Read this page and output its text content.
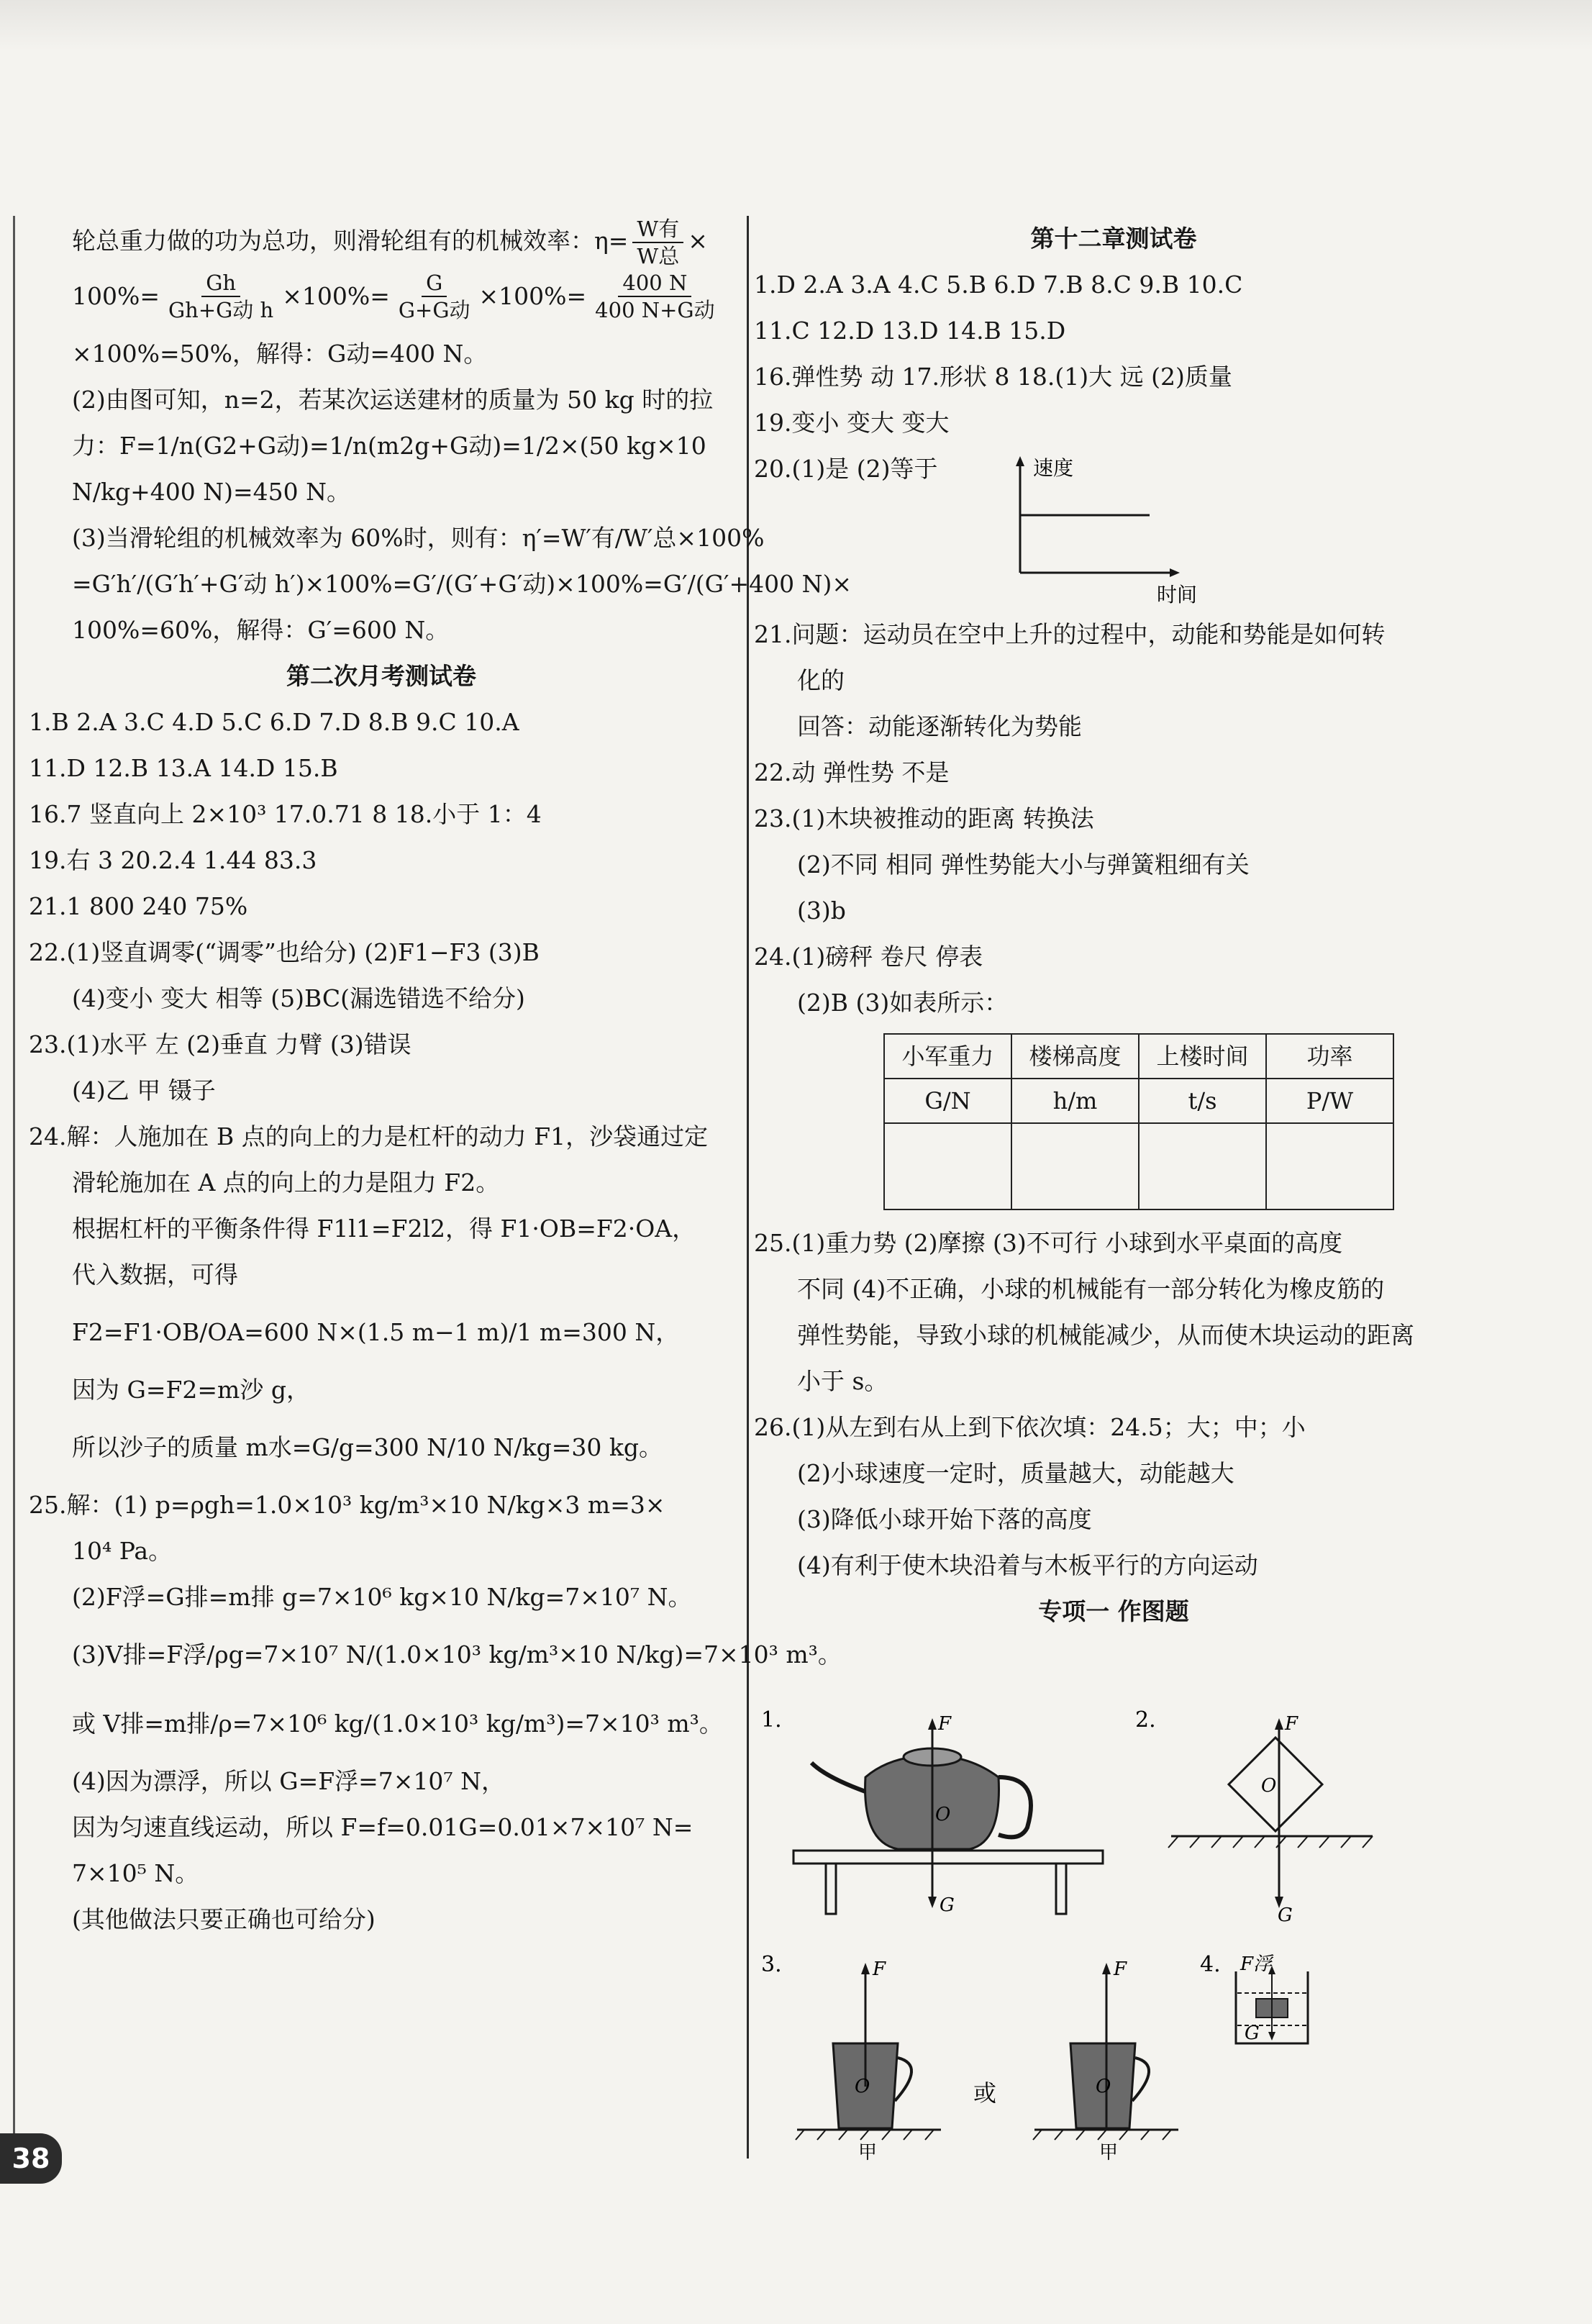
轮总重力做的功为总功，则滑轮组有的机械效率：$\eta= \frac{\text{W有}}{\text{W总}}$ ×
$100\%= \frac{Gh}{\text{Gh+G动 h}} \times 100\%= \frac{G}{\text{G+G动}} \times 100\%= \frac{400 N}{\text{400 N+G动}}$
×100%=50%，解得：G动=400 N。
(2)由图可知，n=2，若某次运送建材的质量为 50 kg 时的拉
力：F=1/n(G2+G动)=1/n(m2g+G动)=1/2×(50 kg×10
N/kg+400 N)=450 N。
(3)当滑轮组的机械效率为 60%时，则有：η′=W′有/W′总×100%
=G′h′/(G′h′+G′动 h′)×100%=G′/(G′+G′动)×100%=G′/(G′+400 N)×
100%=60%，解得：G′=600 N。
第二次月考测试卷
1.B 2.A 3.C 4.D 5.C 6.D 7.D 8.B 9.C 10.A
11.D 12.B 13.A 14.D 15.B
16.7 竖直向上 2×10³ 17.0.71 8 18.小于 1：4
19.右 3 20.2.4 1.44 83.3
21.1 800 240 75%
22.(1)竖直调零(“调零”也给分) (2)F1−F3 (3)B
(4)变小 变大 相等 (5)BC(漏选错选不给分)
23.(1)水平 左 (2)垂直 力臂 (3)错误
(4)乙 甲 镊子
24.解：人施加在 B 点的向上的力是杠杆的动力 F1，沙袋通过定
滑轮施加在 A 点的向上的力是阻力 F2。
根据杠杆的平衡条件得 F1l1=F2l2，得 F1·OB=F2·OA，
代入数据，可得
F2=F1·OB/OA=600 N×(1.5 m−1 m)/1 m=300 N，
因为 G=F2=m沙 g，
所以沙子的质量 m水=G/g=300 N/10 N/kg=30 kg。
25.解：(1) p=ρgh=1.0×10³ kg/m³×10 N/kg×3 m=3×
10⁴ Pa。
(2)F浮=G排=m排 g=7×10⁶ kg×10 N/kg=7×10⁷ N。
(3)V排=F浮/ρg=7×10⁷ N/(1.0×10³ kg/m³×10 N/kg)=7×10³ m³。
或 V排=m排/ρ=7×10⁶ kg/(1.0×10³ kg/m³)=7×10³ m³。
(4)因为漂浮，所以 G=F浮=7×10⁷ N，
因为匀速直线运动，所以 F=f=0.01G=0.01×7×10⁷ N=
7×10⁵ N。
(其他做法只要正确也可给分)
第十二章测试卷
1.D 2.A 3.A 4.C 5.B 6.D 7.B 8.C 9.B 10.C
11.C 12.D 13.D 14.B 15.D
16.弹性势 动 17.形状 8 18.(1)大 远 (2)质量
19.变小 变大 变大
20.(1)是 (2)等于	速度
时间
21.问题：运动员在空中上升的过程中，动能和势能是如何转
化的
回答：动能逐渐转化为势能
22.动 弹性势 不是
23.(1)木块被推动的距离 转换法
(2)不同 相同 弹性势能大小与弹簧粗细有关
(3)b
24.(1)磅秤 卷尺 停表
(2)B (3)如表所示：
小军重力	楼梯高度	上楼时间	功率
G/N	h/m	t/s	P/W

25.(1)重力势 (2)摩擦 (3)不可行 小球到水平桌面的高度
不同 (4)不正确，小球的机械能有一部分转化为橡皮筋的
弹性势能，导致小球的机械能减少，从而使木块运动的距离
小于 s。
26.(1)从左到右从上到下依次填：24.5；大；中；小
(2)小球速度一定时，质量越大，动能越大
(3)降低小球开始下落的高度
(4)有利于使木块沿着与木板平行的方向运动
专项一 作图题
1.	F
O
G
2.	F
O
G
3.	F
O
甲
或
F
O
甲
4. F浮
G
38
